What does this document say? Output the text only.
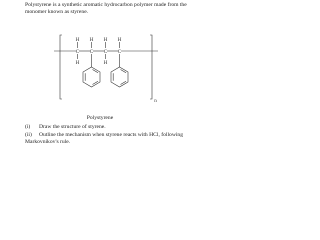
Polystyrene is a synthetic aromatic hydrocarbon polymer made from the monomer known as styrene.

H H H H
C C C C
H	H
n

Polystyrene

(i) Draw the structure of styrene.

(ii) Outline the mechanism when styrene reacts with HCl, following Markovnikov's rule.
